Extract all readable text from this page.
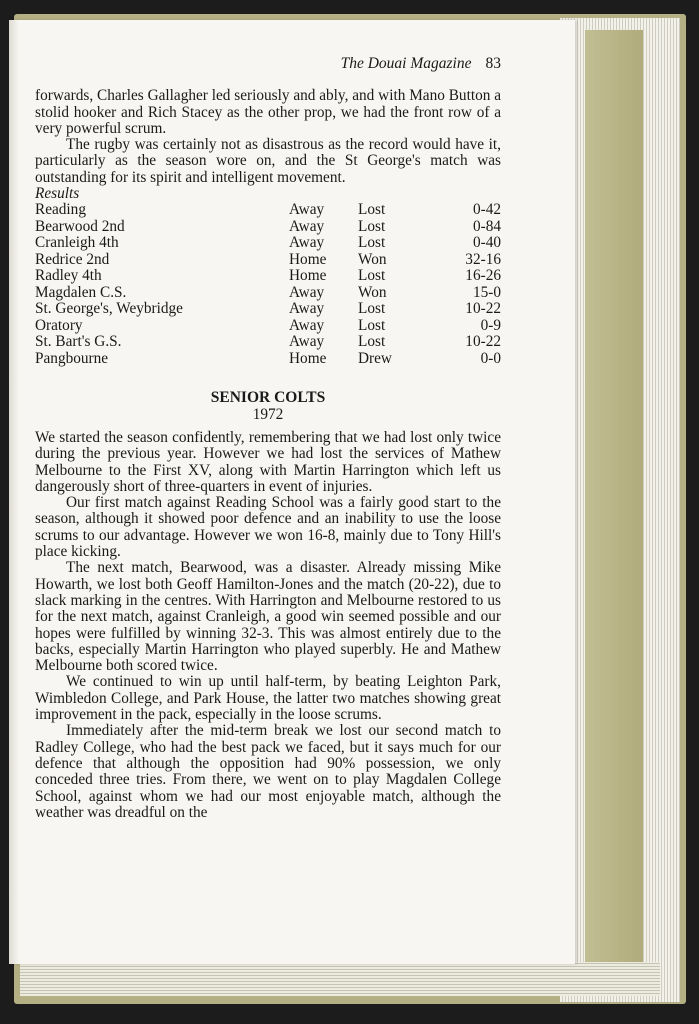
The Douai Magazine 83

forwards, Charles Gallagher led seriously and ably, and with Mano Button a stolid hooker and Rich Stacey as the other prop, we had the front row of a very powerful scrum.

The rugby was certainly not as disastrous as the record would have it, particularly as the season wore on, and the St George's match was outstanding for its spirit and intelligent movement.

Results
Reading	Away Lost	0-42
Bearwood 2nd	Away Lost	0-84
Cranleigh 4th	Away Lost	0-40
Redrice 2nd	Home Won	32-16
Radley 4th	Home Lost	16-26
Magdalen C.S.	Away Won	15-0
St. George's, Weybridge	Away Lost	10-22
Oratory	Away Lost	0-9
St. Bart's G.S.	Away Lost	10-22
Pangbourne	Home Drew	0-0
SENIOR COLTS
1972

We started the season confidently, remembering that we had lost only twice during the previous year. However we had lost the services of Mathew Melbourne to the First XV, along with Martin Harrington which left us dangerously short of three-quarters in event of injuries.

Our first match against Reading School was a fairly good start to the season, although it showed poor defence and an inability to use the loose scrums to our advantage. However we won 16-8, mainly due to Tony Hill's place kicking.

The next match, Bearwood, was a disaster. Already missing Mike Howarth, we lost both Geoff Hamilton-Jones and the match (20-22), due to slack marking in the centres. With Harrington and Melbourne restored to us for the next match, against Cranleigh, a good win seemed possible and our hopes were fulfilled by winning 32-3. This was almost entirely due to the backs, especially Martin Harrington who played superbly. He and Mathew Melbourne both scored twice.

We continued to win up until half-term, by beating Leighton Park, Wimbledon College, and Park House, the latter two matches showing great improvement in the pack, especially in the loose scrums.

Immediately after the mid-term break we lost our second match to Radley College, who had the best pack we faced, but it says much for our defence that although the opposition had 90% possession, we only conceded three tries. From there, we went on to play Magdalen College School, against whom we had our most enjoyable match, although the weather was dreadful on the
